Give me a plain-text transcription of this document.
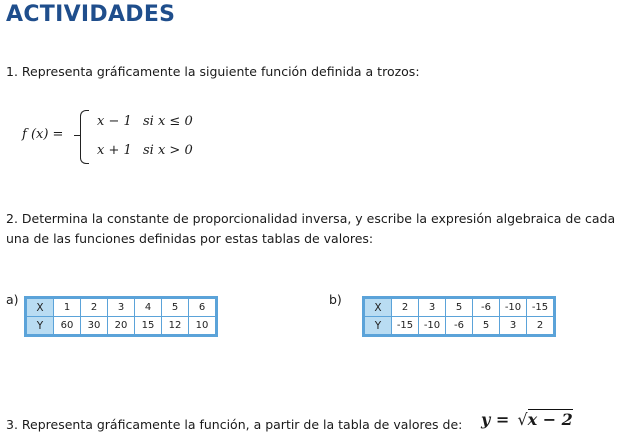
ACTIVIDADES
1. Representa gráficamente la siguiente función definida a trozos:
f (x) =
x − 1 si x ≤ 0
x + 1 si x > 0
2. Determina la constante de proporcionalidad inversa, y escribe la expresión algebraica de cada
una de las funciones definidas por estas tablas de valores:
a)
X	1	2	3	4	5	6
Y	60	30	20	15	12	10
b)
X	2	3	5	-6	-10	-15
Y	-15	-10	-6	5	3	2
3. Representa gráficamente la función, a partir de la tabla de valores de: y = √x − 2
